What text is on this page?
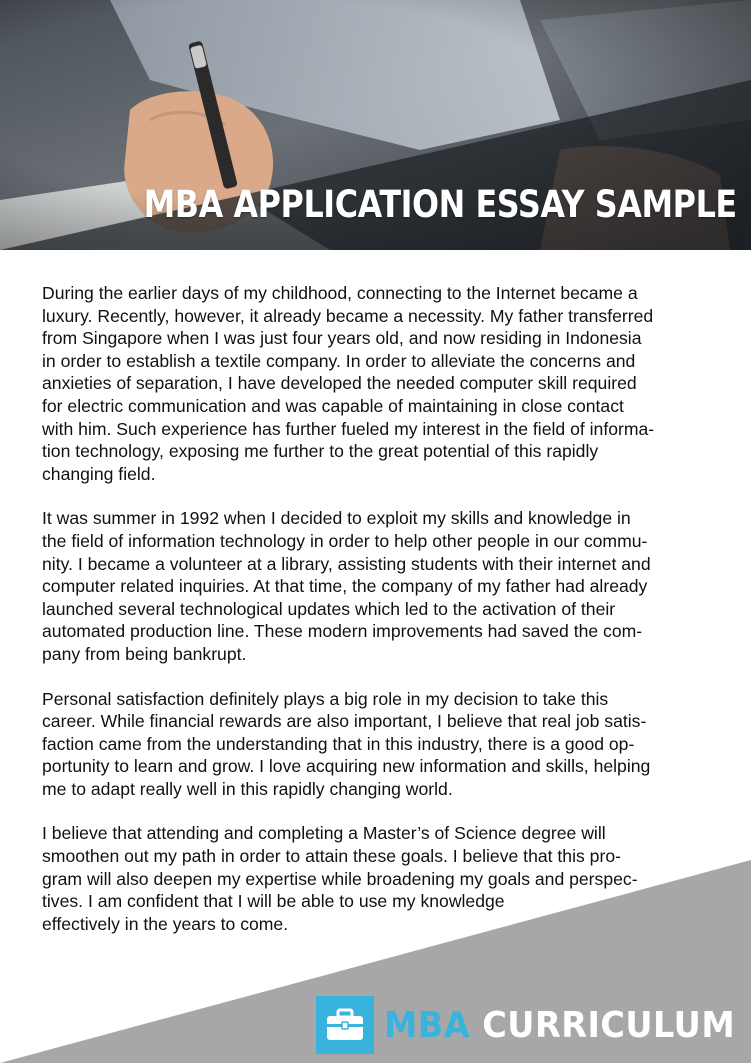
MBA APPLICATION ESSAY SAMPLE

During the earlier days of my childhood, connecting to the Internet became a
luxury. Recently, however, it already became a necessity. My father transferred
from Singapore when I was just four years old, and now residing in Indonesia
in order to establish a textile company. In order to alleviate the concerns and
anxieties of separation, I have developed the needed computer skill required
for electric communication and was capable of maintaining in close contact
with him. Such experience has further fueled my interest in the field of informa-
tion technology, exposing me further to the great potential of this rapidly
changing field.

It was summer in 1992 when I decided to exploit my skills and knowledge in
the field of information technology in order to help other people in our commu-
nity. I became a volunteer at a library, assisting students with their internet and
computer related inquiries. At that time, the company of my father had already
launched several technological updates which led to the activation of their
automated production line. These modern improvements had saved the com-
pany from being bankrupt.

Personal satisfaction definitely plays a big role in my decision to take this
career. While financial rewards are also important, I believe that real job satis-
faction came from the understanding that in this industry, there is a good op-
portunity to learn and grow. I love acquiring new information and skills, helping
me to adapt really well in this rapidly changing world.

I believe that attending and completing a Master’s of Science degree will
smoothen out my path in order to attain these goals. I believe that this pro-
gram will also deepen my expertise while broadening my goals and perspec-
tives. I am confident that I will be able to use my knowledge
effectively in the years to come.

MBA CURRICULUM
